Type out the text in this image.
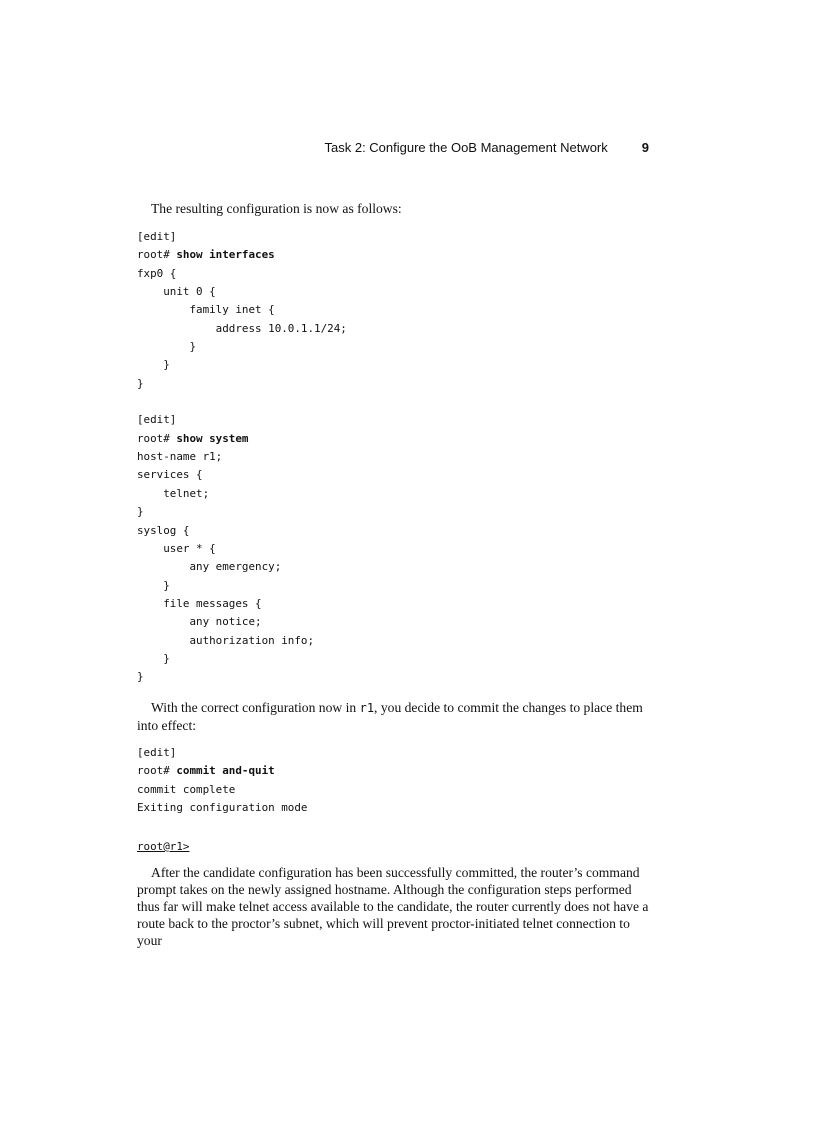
Task 2: Configure the OoB Management Network	9

The resulting configuration is now as follows:

[edit]
root# show interfaces
fxp0 {
unit 0 {
family inet {
address 10.0.1.1/24;
}
}
}
[edit]
root# show system
host-name r1;
services {
telnet;
}
syslog {
user * {
any emergency;
}
file messages {
any notice;
authorization info;
}
}

With the correct configuration now in r1, you decide to commit the changes to place them into effect:

[edit]
root# commit and-quit
commit complete
Exiting configuration mode
root@r1>

After the candidate configuration has been successfully committed, the router’s command prompt takes on the newly assigned hostname. Although the configuration steps performed thus far will make telnet access available to the candidate, the router currently does not have a route back to the proctor’s subnet, which will prevent proctor-initiated telnet connection to your
